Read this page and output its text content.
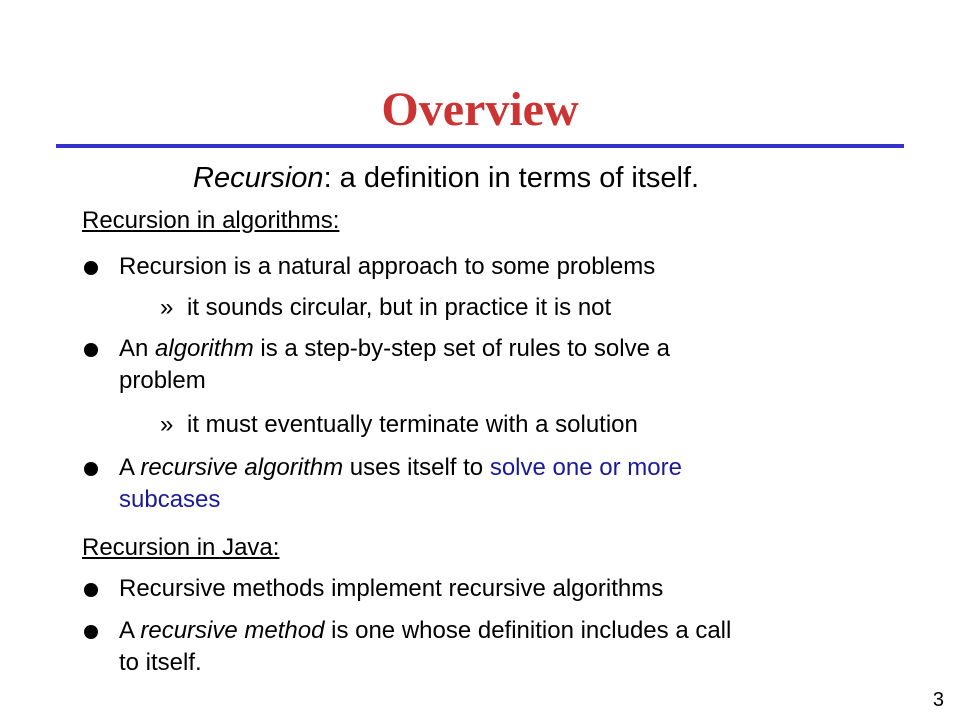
Overview
Recursion: a definition in terms of itself.
Recursion in algorithms:
Recursion is a natural approach to some problems
» it sounds circular, but in practice it is not
An algorithm is a step-by-step set of rules to solve a
problem
» it must eventually terminate with a solution
A recursive algorithm uses itself to solve one or more
subcases
Recursion in Java:
Recursive methods implement recursive algorithms
A recursive method is one whose definition includes a call
to itself.
3
